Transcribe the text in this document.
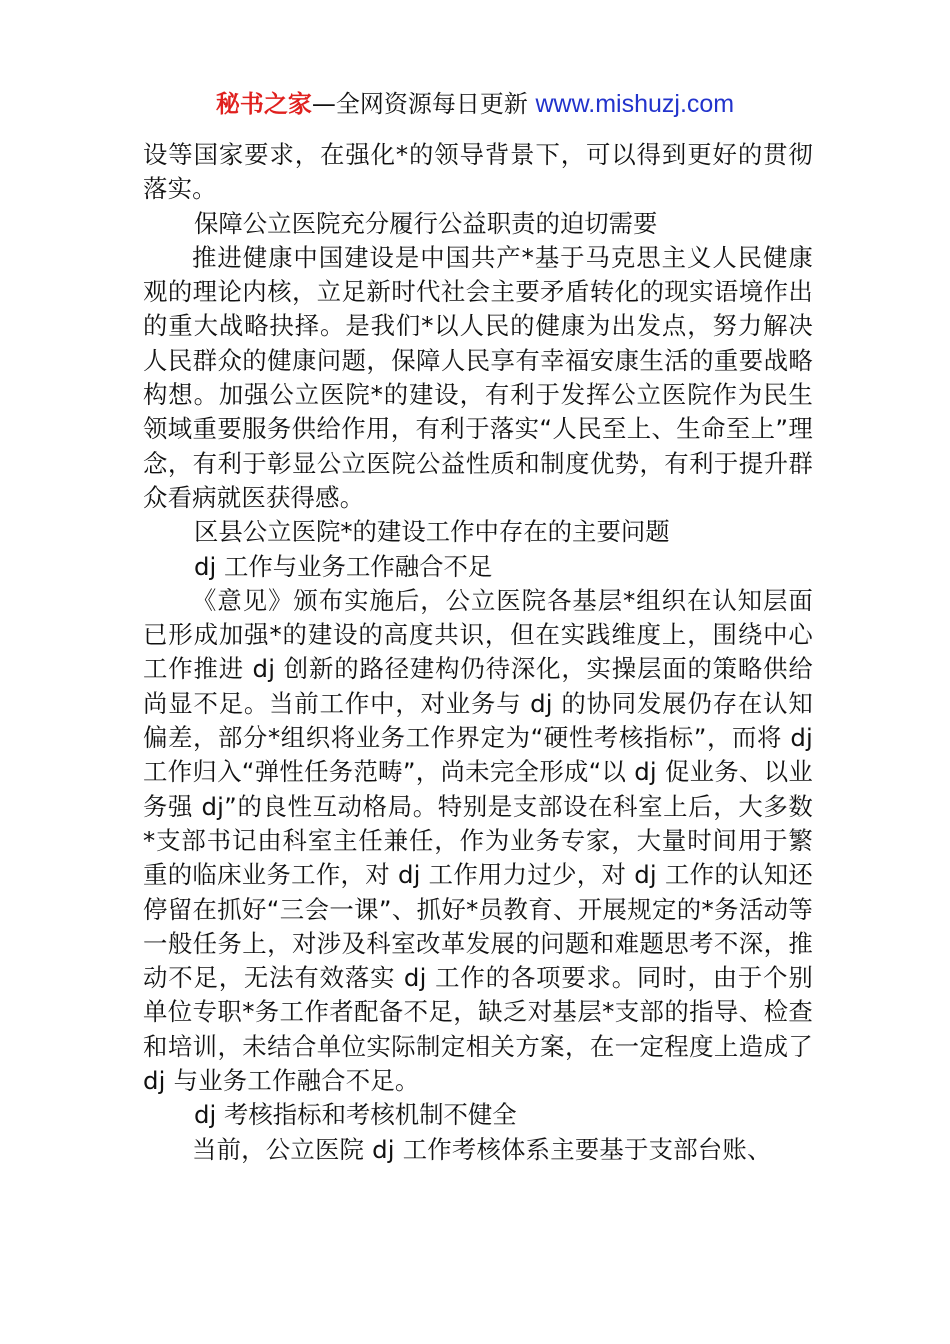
秘书之家—全网资源每日更新 www.mishuzj.com

设等国家要求，在强化*的领导背景下，可以得到更好的贯彻落实。

保障公立医院充分履行公益职责的迫切需要

推进健康中国建设是中国共产*基于马克思主义人民健康观的理论内核，立足新时代社会主要矛盾转化的现实语境作出的重大战略抉择。是我们*以人民的健康为出发点，努力解决人民群众的健康问题，保障人民享有幸福安康生活的重要战略构想。加强公立医院*的建设，有利于发挥公立医院作为民生领域重要服务供给作用，有利于落实“人民至上、生命至上”理念，有利于彰显公立医院公益性质和制度优势，有利于提升群众看病就医获得感。

区县公立医院*的建设工作中存在的主要问题

dj 工作与业务工作融合不足

《意见》颁布实施后，公立医院各基层*组织在认知层面已形成加强*的建设的高度共识，但在实践维度上，围绕中心工作推进 dj 创新的路径建构仍待深化，实操层面的策略供给尚显不足。当前工作中，对业务与 dj 的协同发展仍存在认知偏差，部分*组织将业务工作界定为“硬性考核指标”，而将 dj 工作归入“弹性任务范畴”，尚未完全形成“以 dj 促业务、以业务强 dj”的良性互动格局。特别是支部设在科室上后，大多数*支部书记由科室主任兼任，作为业务专家，大量时间用于繁重的临床业务工作，对 dj 工作用力过少，对 dj 工作的认知还停留在抓好“三会一课”、抓好*员教育、开展规定的*务活动等一般任务上，对涉及科室改革发展的问题和难题思考不深，推动不足，无法有效落实 dj 工作的各项要求。同时，由于个别单位专职*务工作者配备不足，缺乏对基层*支部的指导、检查和培训，未结合单位实际制定相关方案，在一定程度上造成了 dj 与业务工作融合不足。

dj 考核指标和考核机制不健全

当前，公立医院 dj 工作考核体系主要基于支部台账、
